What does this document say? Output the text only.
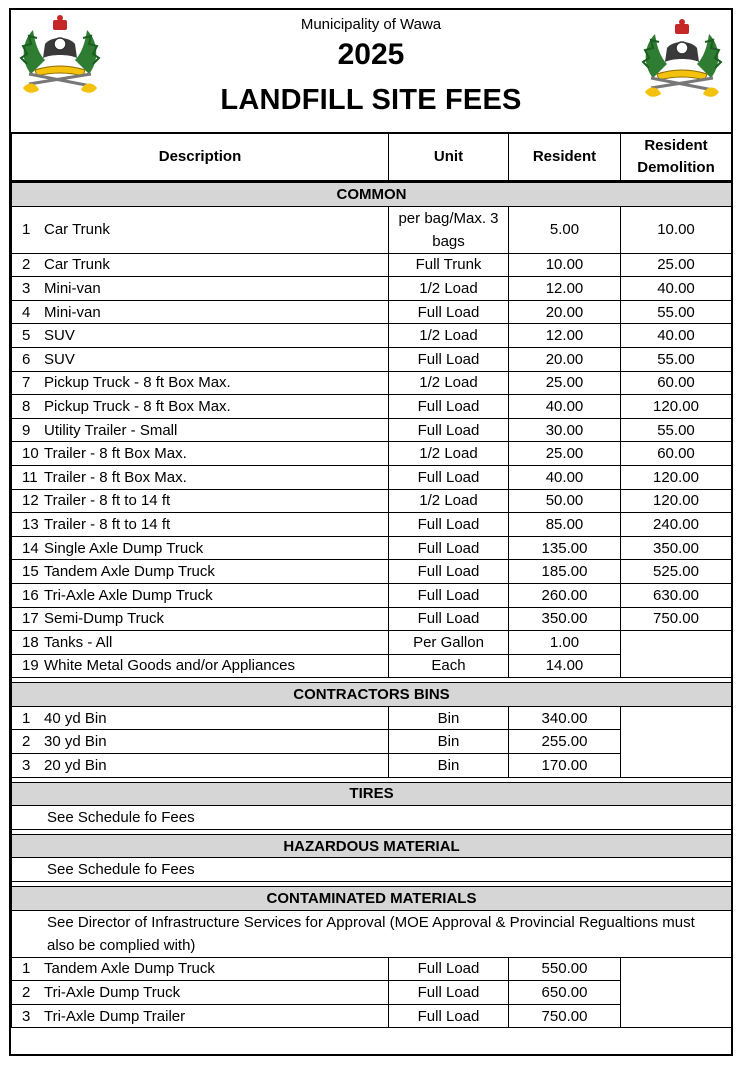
Municipality of Wawa
2025
LANDFILL SITE FEES
Description	Unit	Resident	Resident Demolition
COMMON			

1 Car Trunk	per bag/Max. 3 bags	5.00	10.00

2 Car Trunk	Full Trunk	10.00	25.00

3 Mini-van	1/2 Load	12.00	40.00

4 Mini-van	Full Load	20.00	55.00

5 SUV	1/2 Load	12.00	40.00

6 SUV	Full Load	20.00	55.00

7 Pickup Truck - 8 ft Box Max.	1/2 Load	25.00	60.00

8 Pickup Truck - 8 ft Box Max.	Full Load	40.00	120.00

9 Utility Trailer - Small	Full Load	30.00	55.00

10 Trailer - 8 ft Box Max.	1/2 Load	25.00	60.00

11 Trailer - 8 ft Box Max.	Full Load	40.00	120.00

12 Trailer - 8 ft to 14 ft	1/2 Load	50.00	120.00

13 Trailer - 8 ft to 14 ft	Full Load	85.00	240.00

14 Single Axle Dump Truck	Full Load	135.00	350.00

15 Tandem Axle Dump Truck	Full Load	185.00	525.00

16 Tri-Axle Axle Dump Truck	Full Load	260.00	630.00

17 Semi-Dump Truck	Full Load	350.00	750.00

18 Tanks - All	Per Gallon	1.00	

19 White Metal Goods and/or Appliances	Each	14.00	

CONTRACTORS BINS			

1 40 yd Bin	Bin	340.00	

2 30 yd Bin	Bin	255.00	

3 20 yd Bin	Bin	170.00	

TIRES			

See Schedule fo Fees			

HAZARDOUS MATERIAL			

See Schedule fo Fees			

CONTAMINATED MATERIALS			

See Director of Infrastructure Services for Approval (MOE Approval & Provincial Regualtions must also be complied with)			

1 Tandem Axle Dump Truck	Full Load	550.00	

2 Tri-Axle Dump Truck	Full Load	650.00	

3 Tri-Axle Dump Trailer	Full Load	750.00	
